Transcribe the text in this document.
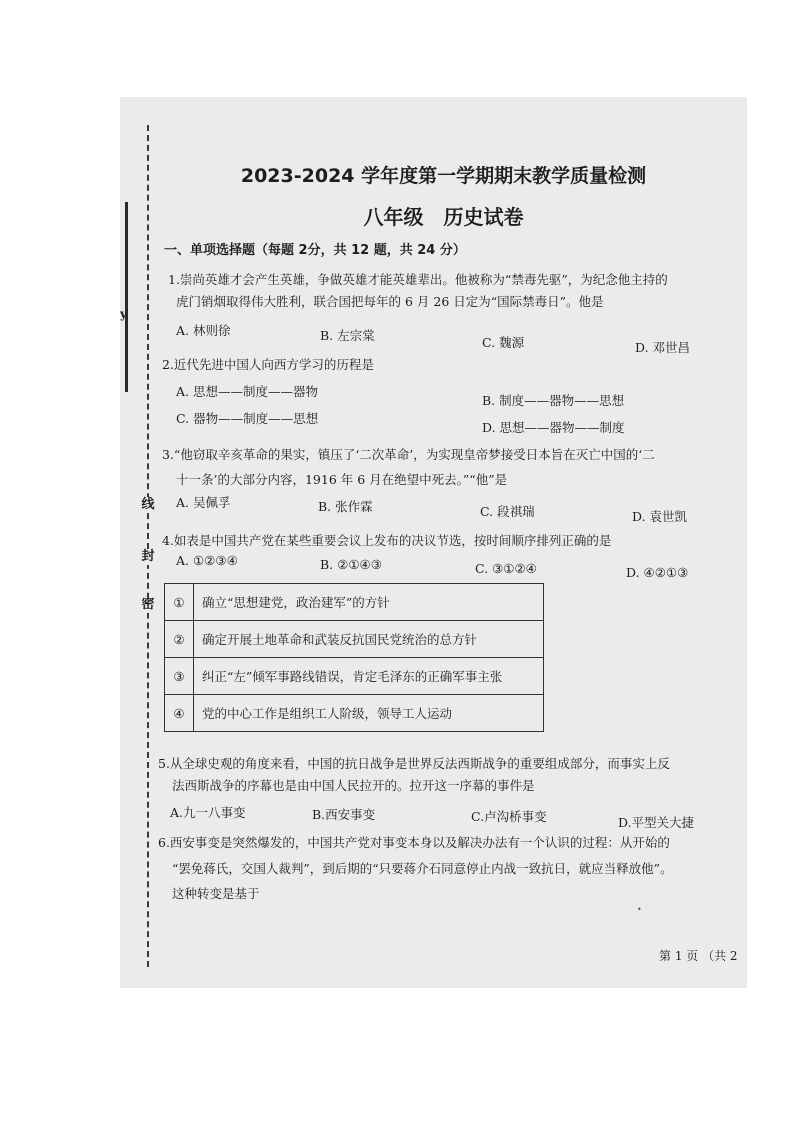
y
线
封
密
2023-2024 学年度第一学期期末教学质量检测
八年级　历史试卷
一、单项选择题（每题 2分，共 12 题，共 24 分）
1.崇尚英雄才会产生英雄，争做英雄才能英雄辈出。他被称为“禁毒先驱”，为纪念他主持的
虎门销烟取得伟大胜利，联合国把每年的 6 月 26 日定为“国际禁毒日”。他是
A. 林则徐	B. 左宗棠	C. 魏源	D. 邓世昌
2.近代先进中国人向西方学习的历程是
A. 思想——制度——器物
B. 制度——器物——思想
C. 器物——制度——思想
D. 思想——器物——制度
3.“他窃取辛亥革命的果实，镇压了‘二次革命’，为实现皇帝梦接受日本旨在灭亡中国的‘二
十一条’的大部分内容，1916 年 6 月在绝望中死去。”“他”是
A. 吴佩孚	B. 张作霖	C. 段祺瑞	D. 袁世凯
4.如表是中国共产党在某些重要会议上发布的决议节选，按时间顺序排列正确的是
A. ①②③④	B. ②①④③	C. ③①②④	D. ④②①③
①	确立“思想建党，政治建军”的方针
②	确定开展土地革命和武装反抗国民党统治的总方针
③	纠正“左”倾军事路线错误，肯定毛泽东的正确军事主张
④	党的中心工作是组织工人阶级，领导工人运动
5.从全球史观的角度来看，中国的抗日战争是世界反法西斯战争的重要组成部分，而事实上反
法西斯战争的序幕也是由中国人民拉开的。拉开这一序幕的事件是
A.九一八事变	B.西安事变	C.卢沟桥事变	D.平型关大捷
6.西安事变是突然爆发的，中国共产党对事变本身以及解决办法有一个认识的过程：从开始的
“罢免蒋氏，交国人裁判”，到后期的“只要蒋介石同意停止内战一致抗日，就应当释放他”。
这种转变是基于
•
第 1 页 （共 2
